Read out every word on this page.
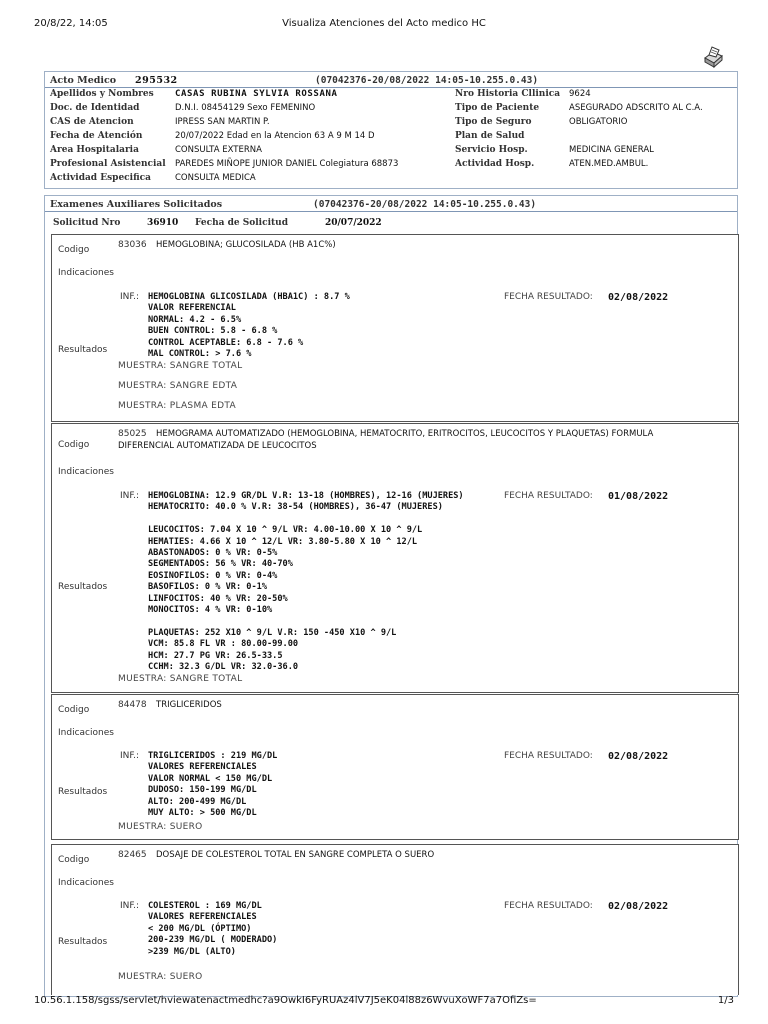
20/8/22, 14:05	Visualiza Atenciones del Acto medico HC
Acto Medico 295532	(07042376-20/08/2022 14:05-10.255.0.43)
Apellidos y Nombres CASAS RUBINA SYLVIA ROSSANA
Doc. de Identidad	D.N.I. 08454129 Sexo FEMENINO
CAS de Atencion	IPRESS SAN MARTIN P.
Fecha de Atención	20/07/2022 Edad en la Atencion 63 A 9 M 14 D
Area Hospitalaria	CONSULTA EXTERNA
Profesional Asistencial PAREDES MIÑOPE JUNIOR DANIEL Colegiatura 68873
Actividad Especifica	CONSULTA MEDICA
Nro Historia Cllinica 9624
Tipo de Paciente	ASEGURADO ADSCRITO AL C.A.
Tipo de Seguro	OBLIGATORIO
Plan de Salud
Servicio Hosp.	MEDICINA GENERAL
Actividad Hosp.	ATEN.MED.AMBUL.
Examenes Auxiliares Solicitados	(07042376-20/08/2022 14:05-10.255.0.43)
Solicitud Nro	36910 Fecha de Solicitud	20/07/2022
Codigo	83036 HEMOGLOBINA; GLUCOSILADA (HB A1C%)
Indicaciones
INF.: HEMOGLOBINA GLICOSILADA (HBA1C) : 8.7 %
VALOR REFERENCIAL
NORMAL: 4.2 - 6.5%
BUEN CONTROL: 5.8 - 6.8 %
CONTROL ACEPTABLE: 6.8 - 7.6 %
MAL CONTROL: > 7.6 %
FECHA RESULTADO: 02/08/2022
Resultados
MUESTRA: SANGRE TOTAL
MUESTRA: SANGRE EDTA
MUESTRA: PLASMA EDTA
Codigo
85025 HEMOGRAMA AUTOMATIZADO (HEMOGLOBINA, HEMATOCRITO, ERITROCITOS, LEUCOCITOS Y PLAQUETAS) FORMULA
DIFERENCIAL AUTOMATIZADA DE LEUCOCITOS
Indicaciones
INF.: HEMOGLOBINA: 12.9 GR/DL V.R: 13-18 (HOMBRES), 12-16 (MUJERES)
HEMATOCRITO: 40.0 % V.R: 38-54 (HOMBRES), 36-47 (MUJERES)

LEUCOCITOS: 7.04 X 10 ^ 9/L VR: 4.00-10.00 X 10 ^ 9/L
HEMATIES: 4.66 X 10 ^ 12/L VR: 3.80-5.80 X 10 ^ 12/L
ABASTONADOS: 0 % VR: 0-5%
SEGMENTADOS: 56 % VR: 40-70%
EOSINOFILOS: 0 % VR: 0-4%
BASOFILOS: 0 % VR: 0-1%
LINFOCITOS: 40 % VR: 20-50%
MONOCITOS: 4 % VR: 0-10%

PLAQUETAS: 252 X10 ^ 9/L V.R: 150 -450 X10 ^ 9/L
VCM: 85.8 FL VR : 80.00-99.00
HCM: 27.7 PG VR: 26.5-33.5
CCHM: 32.3 G/DL VR: 32.0-36.0
FECHA RESULTADO: 01/08/2022
Resultados
MUESTRA: SANGRE TOTAL
Codigo	84478 TRIGLICERIDOS
Indicaciones
INF.: TRIGLICERIDOS : 219 MG/DL
VALORES REFERENCIALES
VALOR NORMAL < 150 MG/DL
DUDOSO: 150-199 MG/DL
ALTO: 200-499 MG/DL
MUY ALTO: > 500 MG/DL
FECHA RESULTADO: 02/08/2022
Resultados
MUESTRA: SUERO
Codigo	82465 DOSAJE DE COLESTEROL TOTAL EN SANGRE COMPLETA O SUERO
Indicaciones
INF.: COLESTEROL : 169 MG/DL
VALORES REFERENCIALES
< 200 MG/DL (ÓPTIMO)
200-239 MG/DL ( MODERADO)
>239 MG/DL (ALTO)
FECHA RESULTADO: 02/08/2022
Resultados
MUESTRA: SUERO
10.56.1.158/sgss/servlet/hviewatenactmedhc?a9OwkI6FyRUAz4lV7J5eK04l88z6WvuXoWF7a7OfiZs=	1/3
